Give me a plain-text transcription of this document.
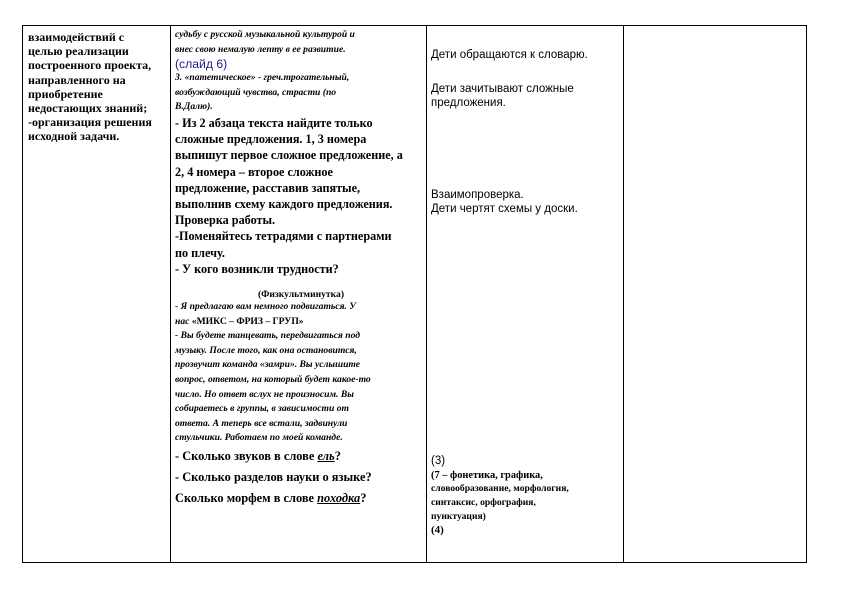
взаимодействий с
целью реализации
построенного проекта,
направленного на
приобретение
недостающих знаний;
-организация решения
исходной задачи.
судьбу с русской музыкальной культурой и
внес свою немалую лепту в ее развитие.
(слайд 6)
3. «патетическое» - греч.трогательный,
возбуждающий чувства, страсти (по
В.Далю).
- Из 2 абзаца текста найдите только
сложные предложения. 1, 3 номера
выпишут первое сложное предложение, а
2, 4 номера – второе сложное
предложение, расставив запятые,
выполнив схему каждого предложения.
Проверка работы.
-Поменяйтесь тетрадями с партнерами
по плечу.
- У кого возникли трудности?
(Физкультминутка)
- Я предлагаю вам немного подвигаться. У
нас «МИКС – ФРИЗ – ГРУП»
- Вы будете танцевать, передвигаться под
музыку. После того, как она остановится,
прозвучит команда «замри». Вы услышите
вопрос, ответом, на который будет какое-то
число. Но ответ вслух не произносим. Вы
собираетесь в группы, в зависимости от
ответа. А теперь все встали, задвинули
стульчики. Работаем по моей команде.
- Сколько звуков в слове ель?
- Сколько разделов науки о языке?
Сколько морфем в слове походка?
Дети обращаются к словарю.
Дети зачитывают сложные
предложения.
Взаимопроверка.
Дети чертят схемы у доски.
(3)
(7 – фонетика, графика,
словообразование, морфология,
синтаксис, орфография,
пунктуация)
(4)
